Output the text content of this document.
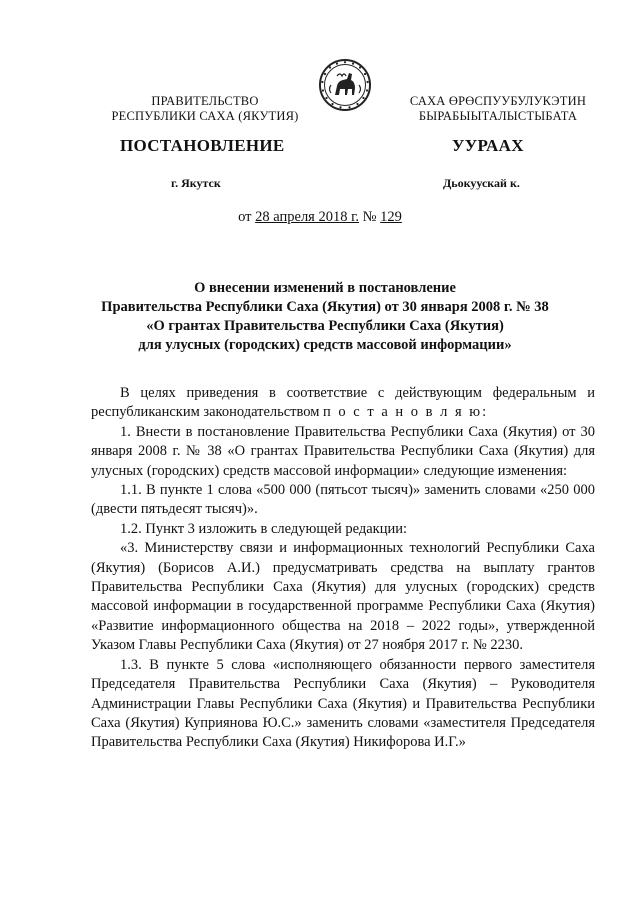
ПРАВИТЕЛЬСТВО
РЕСПУБЛИКИ САХА (ЯКУТИЯ)
САХА ӨРӨСПУУБУЛУКЭТИН
БЫРАБЫЫТАЛЫСТЫБАТА
ПОСТАНОВЛЕНИЕ	УУРААХ
г. Якутск	Дьокуускай к.
от 28 апреля 2018 г. № 129
О внесении изменений в постановление
Правительства Республики Саха (Якутия) от 30 января 2008 г. № 38
«О грантах Правительства Республики Саха (Якутия)
для улусных (городских) средств массовой информации»

В целях приведения в соответствие с действующим федеральным и республиканским законодательством п о с т а н о в л я ю:

1. Внести в постановление Правительства Республики Саха (Якутия) от 30 января 2008 г. № 38 «О грантах Правительства Республики Саха (Якутия) для улусных (городских) средств массовой информации» следующие изменения:

1.1. В пункте 1 слова «500 000 (пятьсот тысяч)» заменить словами «250 000 (двести пятьдесят тысяч)».

1.2. Пункт 3 изложить в следующей редакции:

«3. Министерству связи и информационных технологий Республики Саха (Якутия) (Борисов А.И.) предусматривать средства на выплату грантов Правительства Республики Саха (Якутия) для улусных (городских) средств массовой информации в государственной программе Республики Саха (Якутия) «Развитие информационного общества на 2018 – 2022 годы», утвержденной Указом Главы Республики Саха (Якутия) от 27 ноября 2017 г. № 2230.

1.3. В пункте 5 слова «исполняющего обязанности первого заместителя Председателя Правительства Республики Саха (Якутия) – Руководителя Администрации Главы Республики Саха (Якутия) и Правительства Республики Саха (Якутия) Куприянова Ю.С.» заменить словами «заместителя Председателя Правительства Республики Саха (Якутия) Никифорова И.Г.»
